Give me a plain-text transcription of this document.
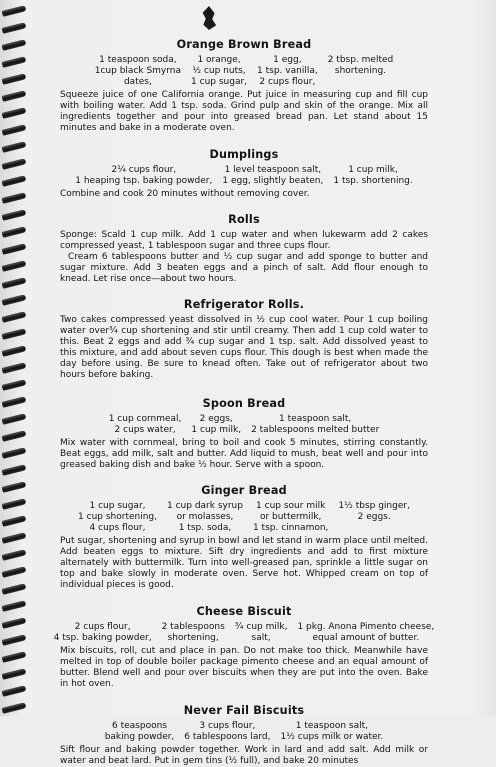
Orange Brown Bread
1 teaspoon soda,
1cup black Smyrna
dates,
1 orange,
½ cup nuts,
1 cup sugar,
1 egg,
1 tsp. vanilla,
2 cups flour,
2 tbsp. melted
shortening.

Squeeze juice of one California orange. Put juice in measuring cup and fill cup with boiling water. Add 1 tsp. soda. Grind pulp and skin of the orange. Mix all ingredients together and pour into greased bread pan. Let stand about 15 minutes and bake in a moderate oven.

Dumplings
2¼ cups flour,
1 heaping tsp. baking powder,
1 level teaspoon salt,
1 egg, slightly beaten,
1 cup milk,
1 tsp. shortening.

Combine and cook 20 minutes without removing cover.

Rolls

Sponge: Scald 1 cup milk. Add 1 cup water and when lukewarm add 2 cakes compressed yeast, 1 tablespoon sugar and three cups flour.

Cream 6 tablespoons butter and ½ cup sugar and add sponge to butter and sugar mixture. Add 3 beaten eggs and a pinch of salt. Add flour enough to knead. Let rise once—about two hours.

Refrigerator Rolls.

Two cakes compressed yeast dissolved in ½ cup cool water. Pour 1 cup boiling water over¾ cup shortening and stir until creamy. Then add 1 cup cold water to this. Beat 2 eggs and add ¾ cup sugar and 1 tsp. salt. Add dissolved yeast to this mixture, and add about seven cups flour. This dough is best when made the day before using. Be sure to knead often. Take out of refrigerator about two hours before baking.

Spoon Bread
1 cup cornmeal,
2 cups water,
2 eggs,
1 cup milk,
1 teaspoon salt,
2 tablespoons melted butter

Mix water with cornmeal, bring to boil and cook 5 minutes, stirring constantly. Beat eggs, add milk, salt and butter. Add liquid to mush, beat well and pour into greased baking dish and bake ½ hour. Serve with a spoon.

Ginger Bread
1 cup sugar,
1 cup shortening,
4 cups flour,
1 cup dark syrup
or molasses,
1 tsp. soda,
1 cup sour milk
or buttermilk,
1 tsp. cinnamon,
1½ tbsp ginger,
2 eggs.

Put sugar, shortening and syrup in bowl and let stand in warm place until melted. Add beaten eggs to mixture. Sift dry ingredients and add to first mixture alternately with buttermilk. Turn into well-greased pan, sprinkle a little sugar on top and bake slowly in moderate oven. Serve hot. Whipped cream on top of individual pieces is good.

Cheese Biscuit
2 cups flour,
4 tsp. baking powder,
2 tablespoons
shortening,
¾ cup milk,
salt,
1 pkg. Anona Pimento cheese,
equal amount of butter.

Mix biscuits, roll, cut and place in pan. Do not make too thick. Meanwhile have melted in top of double boiler package pimento cheese and an equal amount of butter. Blend well and pour over biscuits when they are put into the oven. Bake in hot oven.

Never Fail Biscuits
6 teaspoons
baking powder,
3 cups flour,
6 tablespoons lard,
1 teaspoon salt,
1½ cups milk or water.

Sift flour and baking powder together. Work in lard and add salt. Add milk or water and beat lard. Put in gem tins (½ full), and bake 20 minutes
